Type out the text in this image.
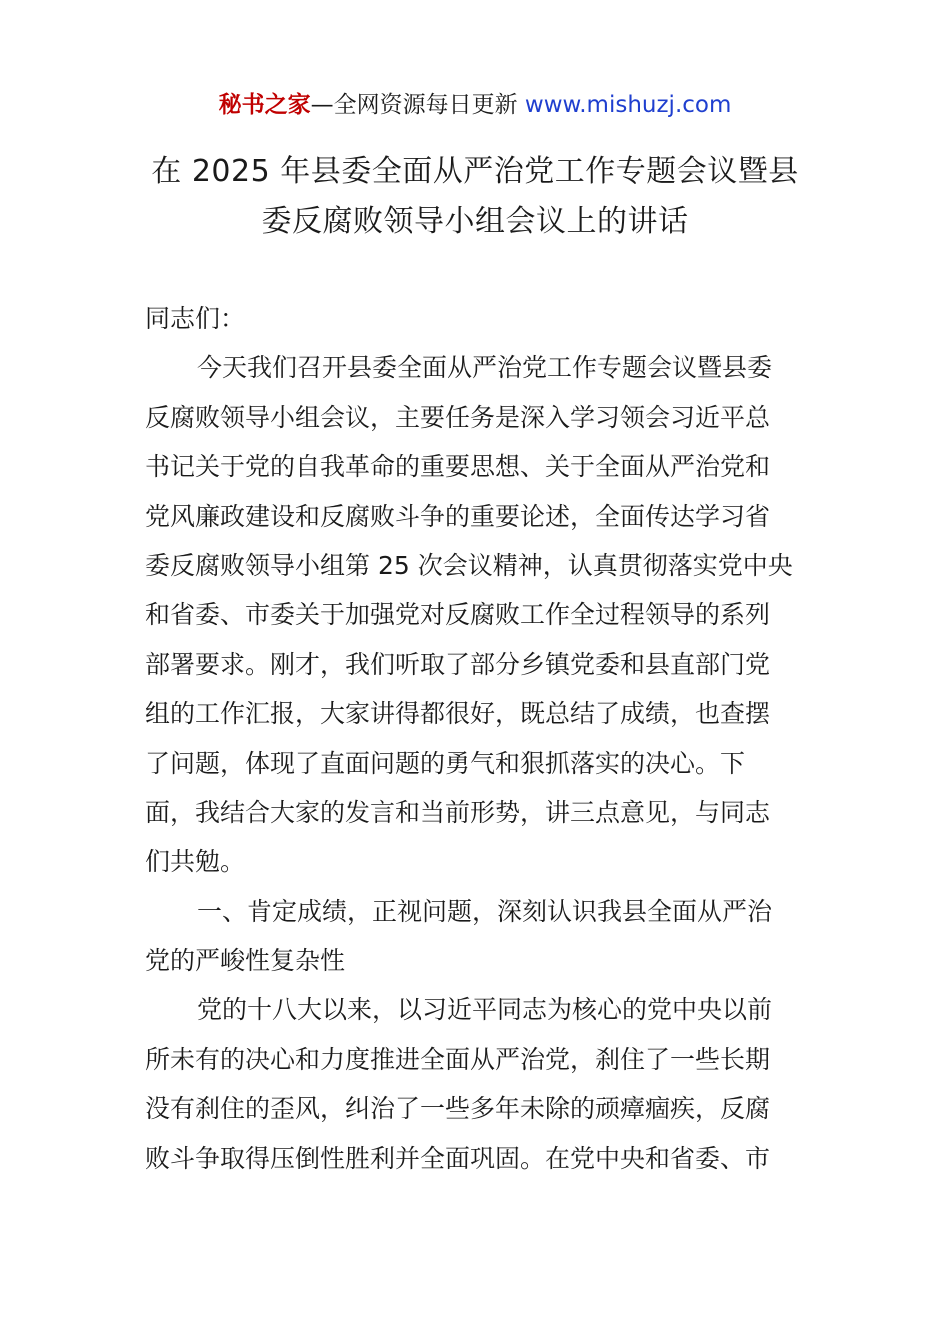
秘书之家—全网资源每日更新 www.mishuzj.com
在 2025 年县委全面从严治党工作专题会议暨县
委反腐败领导小组会议上的讲话
同志们：
今天我们召开县委全面从严治党工作专题会议暨县委
反腐败领导小组会议，主要任务是深入学习领会习近平总
书记关于党的自我革命的重要思想、关于全面从严治党和
党风廉政建设和反腐败斗争的重要论述，全面传达学习省
委反腐败领导小组第 25 次会议精神，认真贯彻落实党中央
和省委、市委关于加强党对反腐败工作全过程领导的系列
部署要求。刚才，我们听取了部分乡镇党委和县直部门党
组的工作汇报，大家讲得都很好，既总结了成绩，也查摆
了问题，体现了直面问题的勇气和狠抓落实的决心。下
面，我结合大家的发言和当前形势，讲三点意见，与同志
们共勉。
一、肯定成绩，正视问题，深刻认识我县全面从严治
党的严峻性复杂性
党的十八大以来，以习近平同志为核心的党中央以前
所未有的决心和力度推进全面从严治党，刹住了一些长期
没有刹住的歪风，纠治了一些多年未除的顽瘴痼疾，反腐
败斗争取得压倒性胜利并全面巩固。在党中央和省委、市
